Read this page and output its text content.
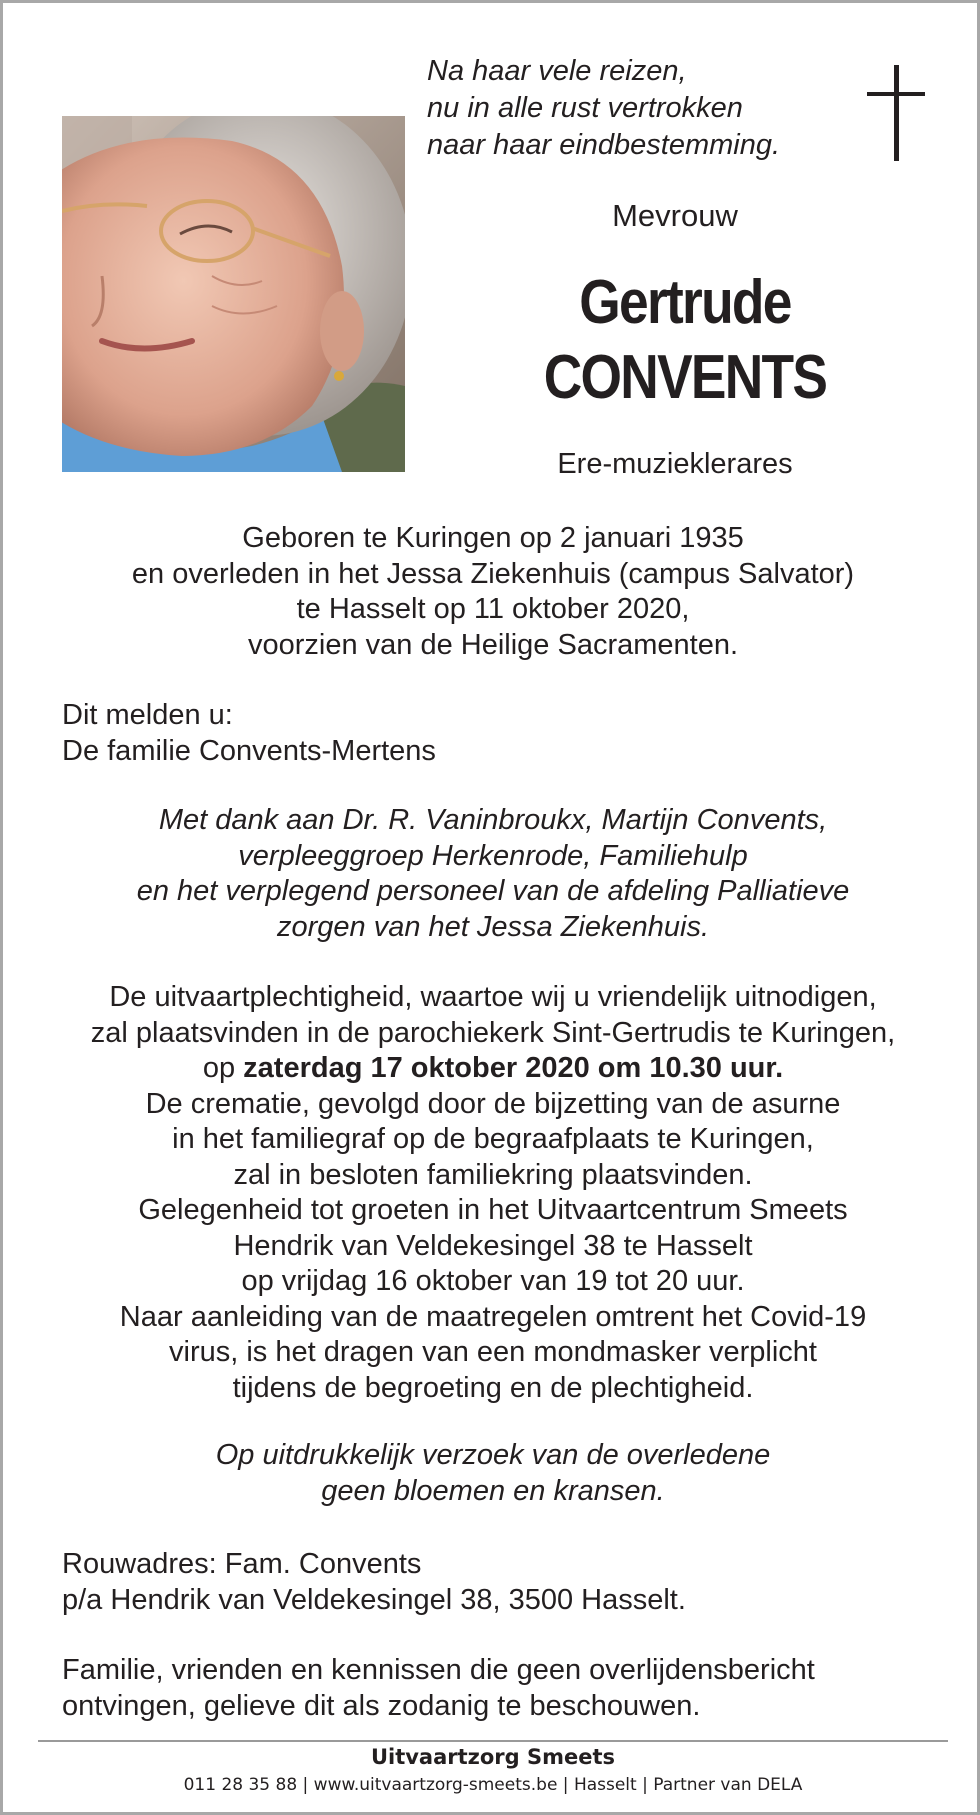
Na haar vele reizen,
nu in alle rust vertrokken
naar haar eindbestemming.
Mevrouw
Gertrude
CONVENTS
Ere-muzieklerares
Geboren te Kuringen op 2 januari 1935
en overleden in het Jessa Ziekenhuis (campus Salvator)
te Hasselt op 11 oktober 2020,
voorzien van de Heilige Sacramenten.
Dit melden u:
De familie Convents-Mertens
Met dank aan Dr. R. Vaninbroukx, Martijn Convents,
verpleeggroep Herkenrode, Familiehulp
en het verplegend personeel van de afdeling Palliatieve
zorgen van het Jessa Ziekenhuis.
De uitvaartplechtigheid, waartoe wij u vriendelijk uitnodigen,
zal plaatsvinden in de parochiekerk Sint-Gertrudis te Kuringen,
op zaterdag 17 oktober 2020 om 10.30 uur.
De crematie, gevolgd door de bijzetting van de asurne
in het familiegraf op de begraafplaats te Kuringen,
zal in besloten familiekring plaatsvinden.
Gelegenheid tot groeten in het Uitvaartcentrum Smeets
Hendrik van Veldekesingel 38 te Hasselt
op vrijdag 16 oktober van 19 tot 20 uur.
Naar aanleiding van de maatregelen omtrent het Covid-19
virus, is het dragen van een mondmasker verplicht
tijdens de begroeting en de plechtigheid.
Op uitdrukkelijk verzoek van de overledene
geen bloemen en kransen.
Rouwadres: Fam. Convents
p/a Hendrik van Veldekesingel 38, 3500 Hasselt.
Familie, vrienden en kennissen die geen overlijdensbericht
ontvingen, gelieve dit als zodanig te beschouwen.
Uitvaartzorg Smeets
011 28 35 88 | www.uitvaartzorg-smeets.be | Hasselt | Partner van DELA
